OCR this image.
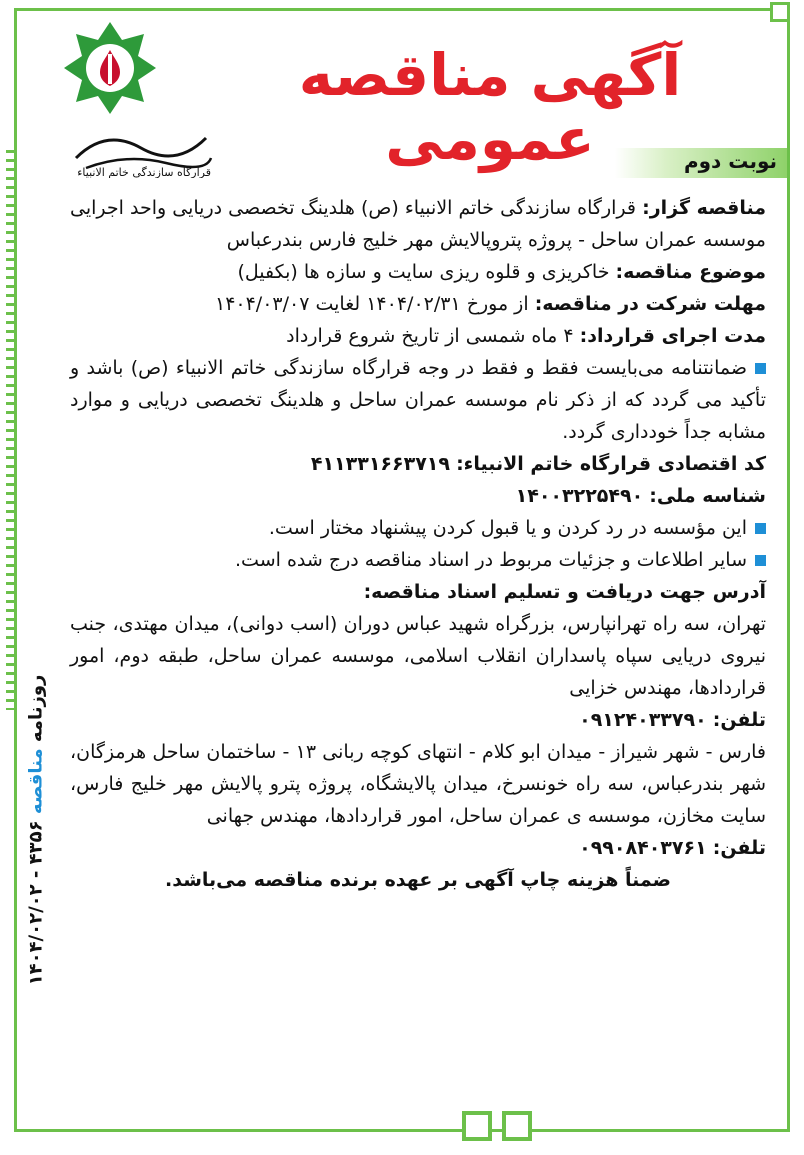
قرارگاه سازندگی خاتم الانبیاء
آگهی مناقصه عمومی	نوبت دوم

مناقصه گزار: قرارگاه سازندگی خاتم الانبیاء (ص) هلدینگ تخصصی دریایی واحد اجرایی موسسه عمران ساحل - پروژه پتروپالایش مهر خلیج فارس بندرعباس

موضوع مناقصه: خاکریزی و قلوه ریزی سایت و سازه ها (بکفیل)

مهلت شرکت در مناقصه: از مورخ ۱۴۰۴/۰۲/۳۱ لغایت ۱۴۰۴/۰۳/۰۷

مدت اجرای قرارداد: ۴ ماه شمسی از تاریخ شروع قرارداد

ضمانتنامه می‌بایست فقط و فقط در وجه قرارگاه سازندگی خاتم الانبیاء (ص) باشد و تأکید می گردد که از ذکر نام موسسه عمران ساحل و هلدینگ تخصصی دریایی و موارد مشابه جداً خودداری گردد.

کد اقتصادی قرارگاه خاتم الانبیاء: ۴۱۱۳۳۱۶۶۳۷۱۹

شناسه ملی: ۱۴۰۰۳۲۲۵۴۹۰

این مؤسسه در رد کردن و یا قبول کردن پیشنهاد مختار است.

سایر اطلاعات و جزئیات مربوط در اسناد مناقصه درج شده است.

آدرس جهت دریافت و تسلیم اسناد مناقصه:

تهران، سه راه تهرانپارس، بزرگراه شهید عباس دوران (اسب دوانی)، میدان مهتدی، جنب نیروی دریایی سپاه پاسداران انقلاب اسلامی، موسسه عمران ساحل، طبقه دوم، امور قراردادها، مهندس خزایی

تلفن: ۰۹۱۲۴۰۳۳۷۹۰

فارس - شهر شیراز - میدان ابو کلام - انتهای کوچه ربانی ۱۳ - ساختمان ساحل هرمزگان، شهر بندرعباس، سه راه خونسرخ، میدان پالایشگاه، پروژه پترو پالایش مهر خلیج فارس، سایت مخازن، موسسه ی عمران ساحل، امور قراردادها، مهندس جهانی

تلفن: ۰۹۹۰۸۴۰۳۷۶۱

ضمناً هزینه چاپ آگهی بر عهده برنده مناقصه می‌باشد.

روزنامه مناقصه ۴۳۵۶ - ۱۴۰۴/۰۲/۰۲
